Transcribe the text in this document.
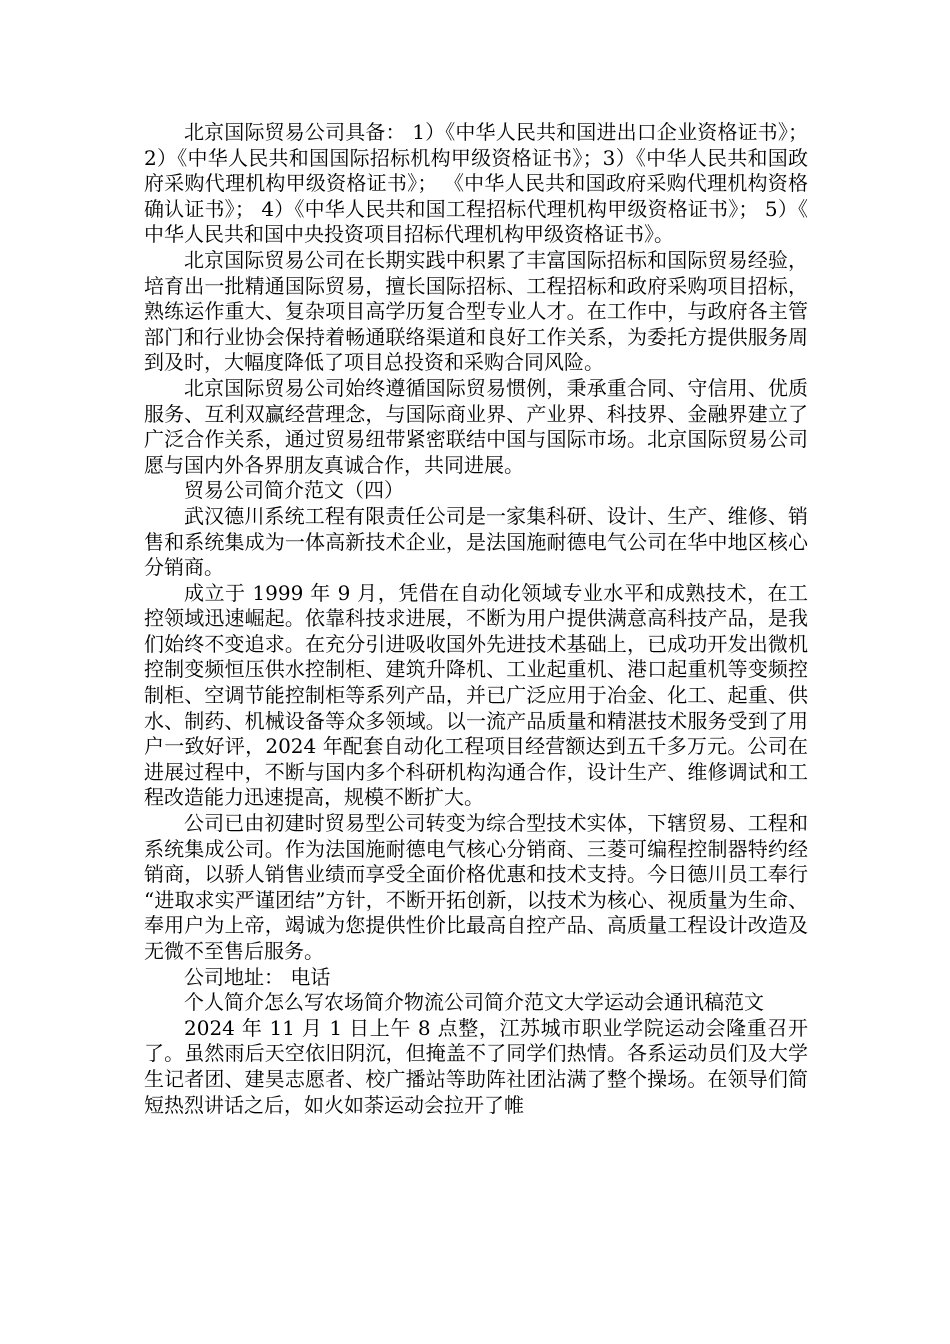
北京国际贸易公司具备： 1）《中华人民共和国进出口企业资格证书》； 2）《中华人民共和国国际招标机构甲级资格证书》；3）《中华人民共和国政府采购代理机构甲级资格证书》； 《中华人民共和国政府采购代理机构资格确认证书》； 4）《中华人民共和国工程招标代理机构甲级资格证书》； 5）《中华人民共和国中央投资项目招标代理机构甲级资格证书》。

北京国际贸易公司在长期实践中积累了丰富国际招标和国际贸易经验，培育出一批精通国际贸易，擅长国际招标、工程招标和政府采购项目招标，熟练运作重大、复杂项目高学历复合型专业人才。在工作中，与政府各主管部门和行业协会保持着畅通联络渠道和良好工作关系，为委托方提供服务周到及时，大幅度降低了项目总投资和采购合同风险。

北京国际贸易公司始终遵循国际贸易惯例，秉承重合同、守信用、优质服务、互利双赢经营理念，与国际商业界、产业界、科技界、金融界建立了广泛合作关系，通过贸易纽带紧密联结中国与国际市场。北京国际贸易公司愿与国内外各界朋友真诚合作，共同进展。

贸易公司简介范文（四）

武汉德川系统工程有限责任公司是一家集科研、设计、生产、维修、销售和系统集成为一体高新技术企业，是法国施耐德电气公司在华中地区核心分销商。

成立于 1999 年 9 月，凭借在自动化领域专业水平和成熟技术，在工控领域迅速崛起。依靠科技求进展，不断为用户提供满意高科技产品，是我们始终不变追求。在充分引进吸收国外先进技术基础上，已成功开发出微机控制变频恒压供水控制柜、建筑升降机、工业起重机、港口起重机等变频控制柜、空调节能控制柜等系列产品，并已广泛应用于冶金、化工、起重、供水、制药、机械设备等众多领域。以一流产品质量和精湛技术服务受到了用户一致好评，2024 年配套自动化工程项目经营额达到五千多万元。公司在进展过程中，不断与国内多个科研机构沟通合作，设计生产、维修调试和工程改造能力迅速提高，规模不断扩大。

公司已由初建时贸易型公司转变为综合型技术实体，下辖贸易、工程和系统集成公司。作为法国施耐德电气核心分销商、三菱可编程控制器特约经销商，以骄人销售业绩而享受全面价格优惠和技术支持。今日德川员工奉行“进取求实严谨团结”方针，不断开拓创新，以技术为核心、视质量为生命、奉用户为上帝，竭诚为您提供性价比最高自控产品、高质量工程设计改造及无微不至售后服务。

公司地址： 电话

个人简介怎么写农场简介物流公司简介范文大学运动会通讯稿范文

2024 年 11 月 1 日上午 8 点整，江苏城市职业学院运动会隆重召开了。虽然雨后天空依旧阴沉，但掩盖不了同学们热情。各系运动员们及大学生记者团、建昊志愿者、校广播站等助阵社团沾满了整个操场。在领导们简短热烈讲话之后，如火如荼运动会拉开了帷
